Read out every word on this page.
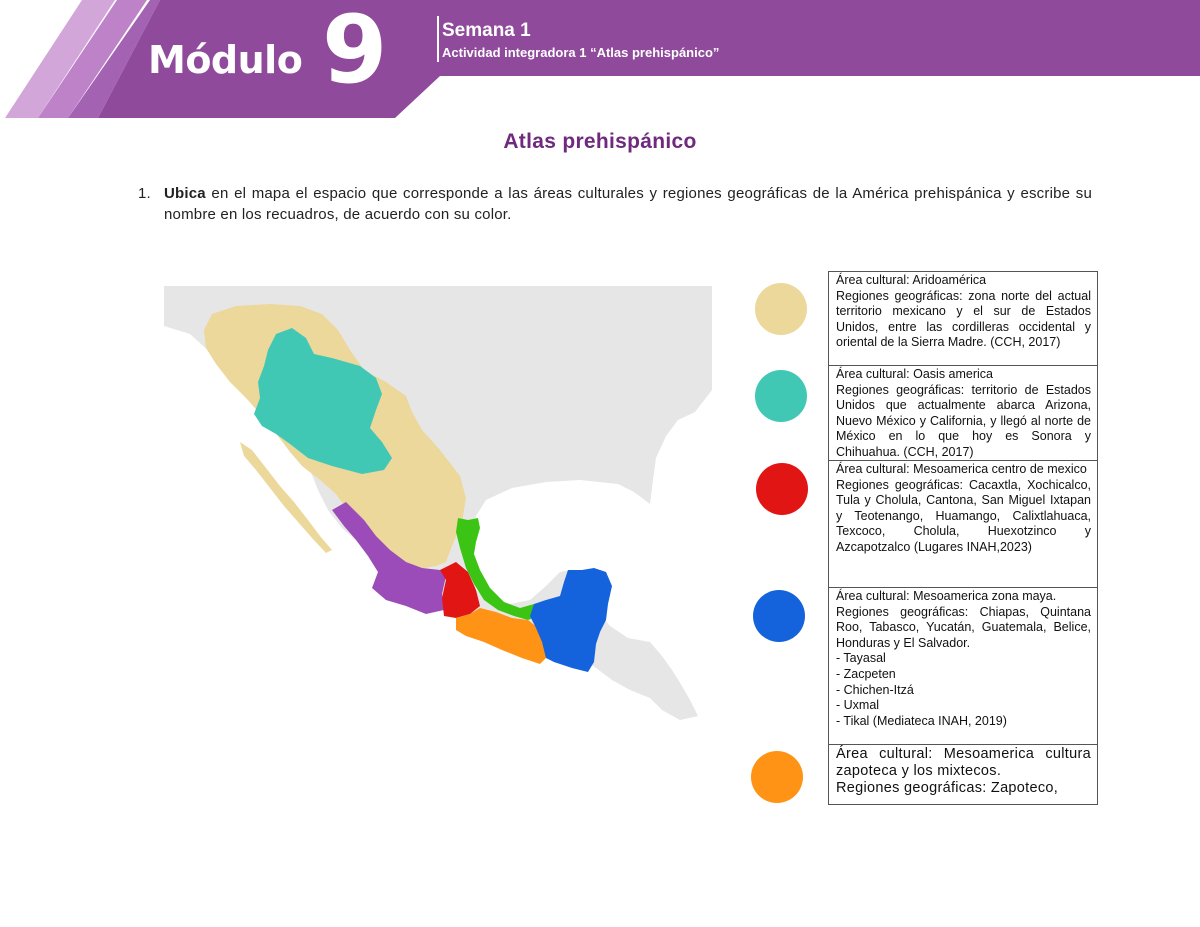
Módulo 9	Semana 1
Actividad integradora 1 “Atlas prehispánico”
Atlas prehispánico
1. Ubica en el mapa el espacio que corresponde a las áreas culturales y regiones geográficas de la América prehispánica y escribe su nombre en los recuadros, de acuerdo con su color.
Área cultural: Aridoamérica
Regiones geográficas: zona norte del actual territorio mexicano y el sur de Estados Unidos, entre las cordilleras occidental y oriental de la Sierra Madre. (CCH, 2017)
Área cultural: Oasis america
Regiones geográficas: territorio de Estados Unidos que actualmente abarca Arizona, Nuevo México y California, y llegó al norte de México en lo que hoy es Sonora y Chihuahua. (CCH, 2017)
Área cultural: Mesoamerica centro de mexico
Regiones geográficas: Cacaxtla, Xochicalco, Tula y Cholula, Cantona, San Miguel Ixtapan y Teotenango, Huamango, Calixtlahuaca, Texcoco, Cholula, Huexotzinco y Azcapotzalco (Lugares INAH,2023)
Área cultural: Mesoamerica zona maya.
Regiones geográficas: Chiapas, Quintana Roo, Tabasco, Yucatán, Guatemala, Belice, Honduras y El Salvador.
- Tayasal
- Zacpeten
- Chichen-Itzá
- Uxmal
- Tikal (Mediateca INAH, 2019)
Área cultural: Mesoamerica cultura zapoteca y los mixtecos.
Regiones geográficas: Zapoteco,
